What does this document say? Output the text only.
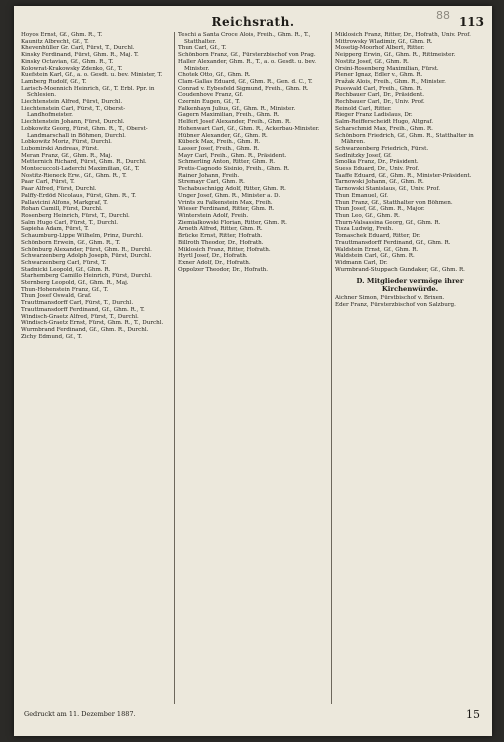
Reichsrath.	88 113
Hoyos Ernst, Gf., Ghm. R., T.
Kaunitz Albrecht, Gf., T.
Khevenhüller Gr. Carl, Fürst, T., Durchl.
Kinsky Ferdinand, Fürst, Ghm. R., Maj. T.
Kinsky Octavian, Gf., Ghm. R., T.
Kolowrat-Krakowsky Zdenko, Gf., T.
Kuefstein Karl, Gf., a. o. Gesdt. u. bev. Minister, T.
Lamberg Rudolf, Gf., T.
Larisch-Moennich Heinrich, Gf., T. Erbl. Ppr. in Schlesien.
Liechtenstein Alfred, Fürst, Durchl.
Liechtenstein Carl, Fürst, T., Oberst-Landhofmeister.
Liechtenstein Johann, Fürst, Durchl.
Lobkowitz Georg, Fürst, Ghm. R., T., Oberst-Landmarschall in Böhmen, Durchl.
Lobkowitz Moriz, Fürst, Durchl.
Lubomirski Andreas, Fürst.
Meran Franz, Gf., Ghm. R., Maj.
Metternich Richard, Fürst, Ghm. R., Durchl.
Montecuccoli-Laderchi Maximilian, Gf., T.
Nostitz-Rieneck Erw., Gf., Ghm. R., T.
Paar Carl, Fürst, T.
Paar Alfred, Fürst, Durchl.
Palffy-Erdöd Nicolaus, Fürst, Ghm. R., T.
Pallavicini Alfons, Markgraf, T.
Rohan Camill, Fürst, Durchl.
Rosenberg Heinrich, Fürst, T., Durchl.
Salm Hugo Carl, Fürst, T., Durchl.
Sapieha Adam, Fürst, T.
Schaumburg-Lippe Wilhelm, Prinz, Durchl.
Schönborn Erwein, Gf., Ghm. R., T.
Schönburg Alexander, Fürst, Ghm. R., Durchl.
Schwarzenberg Adolph Joseph, Fürst, Durchl.
Schwarzenberg Carl, Fürst, T.
Stadnicki Leopold, Gf., Ghm. R.
Starhemberg Camillo Heinrich, Fürst, Durchl.
Sternberg Leopold, Gf., Ghm. R., Maj.
Thun-Hohenstein Franz, Gf., T.
Thun Josef Oswald, Graf.
Trauttmansdorff Carl, Fürst, T., Durchl.
Trauttmansdorff Ferdinand, Gf., Ghm. R., T.
Windisch-Graetz Alfred, Fürst, T., Durchl.
Windisch-Graetz Ernst, Fürst, Ghm. R., T., Durchl.
Wurmbrand Ferdinand, Gf., Ghm. R., Durchl.
Zichy Edmund, Gf., T.
Teschi a Santa Croce Alois, Freih., Ghm. R., T., Statthalter.
Thun Carl, Gf., T.
Schönborn Franz, Gf., Fürsterzbischof von Prag.
Haller Alexander, Ghm. R., T., a. o. Gesdt. u. bev. Minister.
Chotek Otto, Gf., Ghm. R.
Clam-Gallas Eduard, Gf., Ghm. R., Gen. d. C., T.
Conrad v. Eybesfeld Sigmund, Freih., Ghm. R.
Coudenhove Franz, Gf.
Czernin Eugen, Gf., T.
Falkenhayn Julius, Gf., Ghm. R., Minister.
Gagern Maximilian, Freih., Ghm. R.
Helfert Josef Alexander, Freih., Ghm. R.
Hohenwart Carl, Gf., Ghm. R., Ackerbau-Minister.
Hübner Alexander, Gf., Ghm. R.
Kübeck Max, Freih., Ghm. R.
Lasser Josef, Freih., Ghm. R.
Mayr Carl, Freih., Ghm. R., Präsident.
Schmerling Anton, Ritter, Ghm. R.
Pretis-Cagnodo Sisinio, Freih., Ghm. R.
Rainer Johann, Freih.
Stremayr Carl, Ghm. R.
Tschabuschnigg Adolf, Ritter, Ghm. R.
Unger Josef, Ghm. R., Minister a. D.
Vrints zu Falkenstein Max, Freih.
Wieser Ferdinand, Ritter, Ghm. R.
Winterstein Adolf, Freih.
Ziemialkowski Florian, Ritter, Ghm. R.
Arneth Alfred, Ritter, Ghm. R.
Brücke Ernst, Ritter, Hofrath.
Billroth Theodor, Dr., Hofrath.
Miklosich Franz, Ritter, Hofrath.
Hyrtl Josef, Dr., Hofrath.
Exner Adolf, Dr., Hofrath.
Oppolzer Theodor, Dr., Hofrath.
Miklosich Franz, Ritter, Dr., Hofrath, Univ. Prof.
Mittrowsky Wladimir, Gf., Ghm. R.
Mosetig-Moorhof Albert, Ritter.
Neipperg Erwin, Gf., Ghm. R., Rittmeister.
Nostitz Josef, Gf., Ghm. R.
Orsini-Rosenberg Maximilian, Fürst.
Plener Ignaz, Edler v., Ghm. R.
Pražak Alois, Freih., Ghm. R., Minister.
Pusswald Carl, Freih., Ghm. R.
Rechbauer Carl, Dr., Präsident.
Rechbauer Carl, Dr., Univ. Prof.
Reinold Carl, Ritter.
Rieger Franz Ladislaus, Dr.
Salm-Reifferscheidt Hugo, Altgraf.
Scharschmid Max, Freih., Ghm. R.
Schönborn Friedrich, Gf., Ghm. R., Statthalter in Mähren.
Schwarzenberg Friedrich, Fürst.
Sedlnitzky Josef, Gf.
Smolka Franz, Dr., Präsident.
Suess Eduard, Dr., Univ. Prof.
Taaffe Eduard, Gf., Ghm. R., Minister-Präsident.
Tarnowski Johann, Gf., Ghm. R.
Tarnowski Stanislaus, Gf., Univ. Prof.
Thun Emanuel, Gf.
Thun Franz, Gf., Statthalter von Böhmen.
Thun Josef, Gf., Ghm. R., Major.
Thun Leo, Gf., Ghm. R.
Thurn-Valsassina Georg, Gf., Ghm. R.
Tisza Ludwig, Freih.
Tomaschek Eduard, Ritter, Dr.
Trauttmansdorff Ferdinand, Gf., Ghm. R.
Waldstein Ernst, Gf., Ghm. R.
Waldstein Carl, Gf., Ghm. R.
Widmann Carl, Dr.
Wurmbrand-Stuppach Gundaker, Gf., Ghm. R.
D. Mitglieder vermöge ihrer Kirchenwürde.
Aichner Simon, Fürstbischof v. Brixen.
Eder Franz, Fürsterzbischof von Salzburg.
Gedruckt am 11. Dezember 1887.	15
